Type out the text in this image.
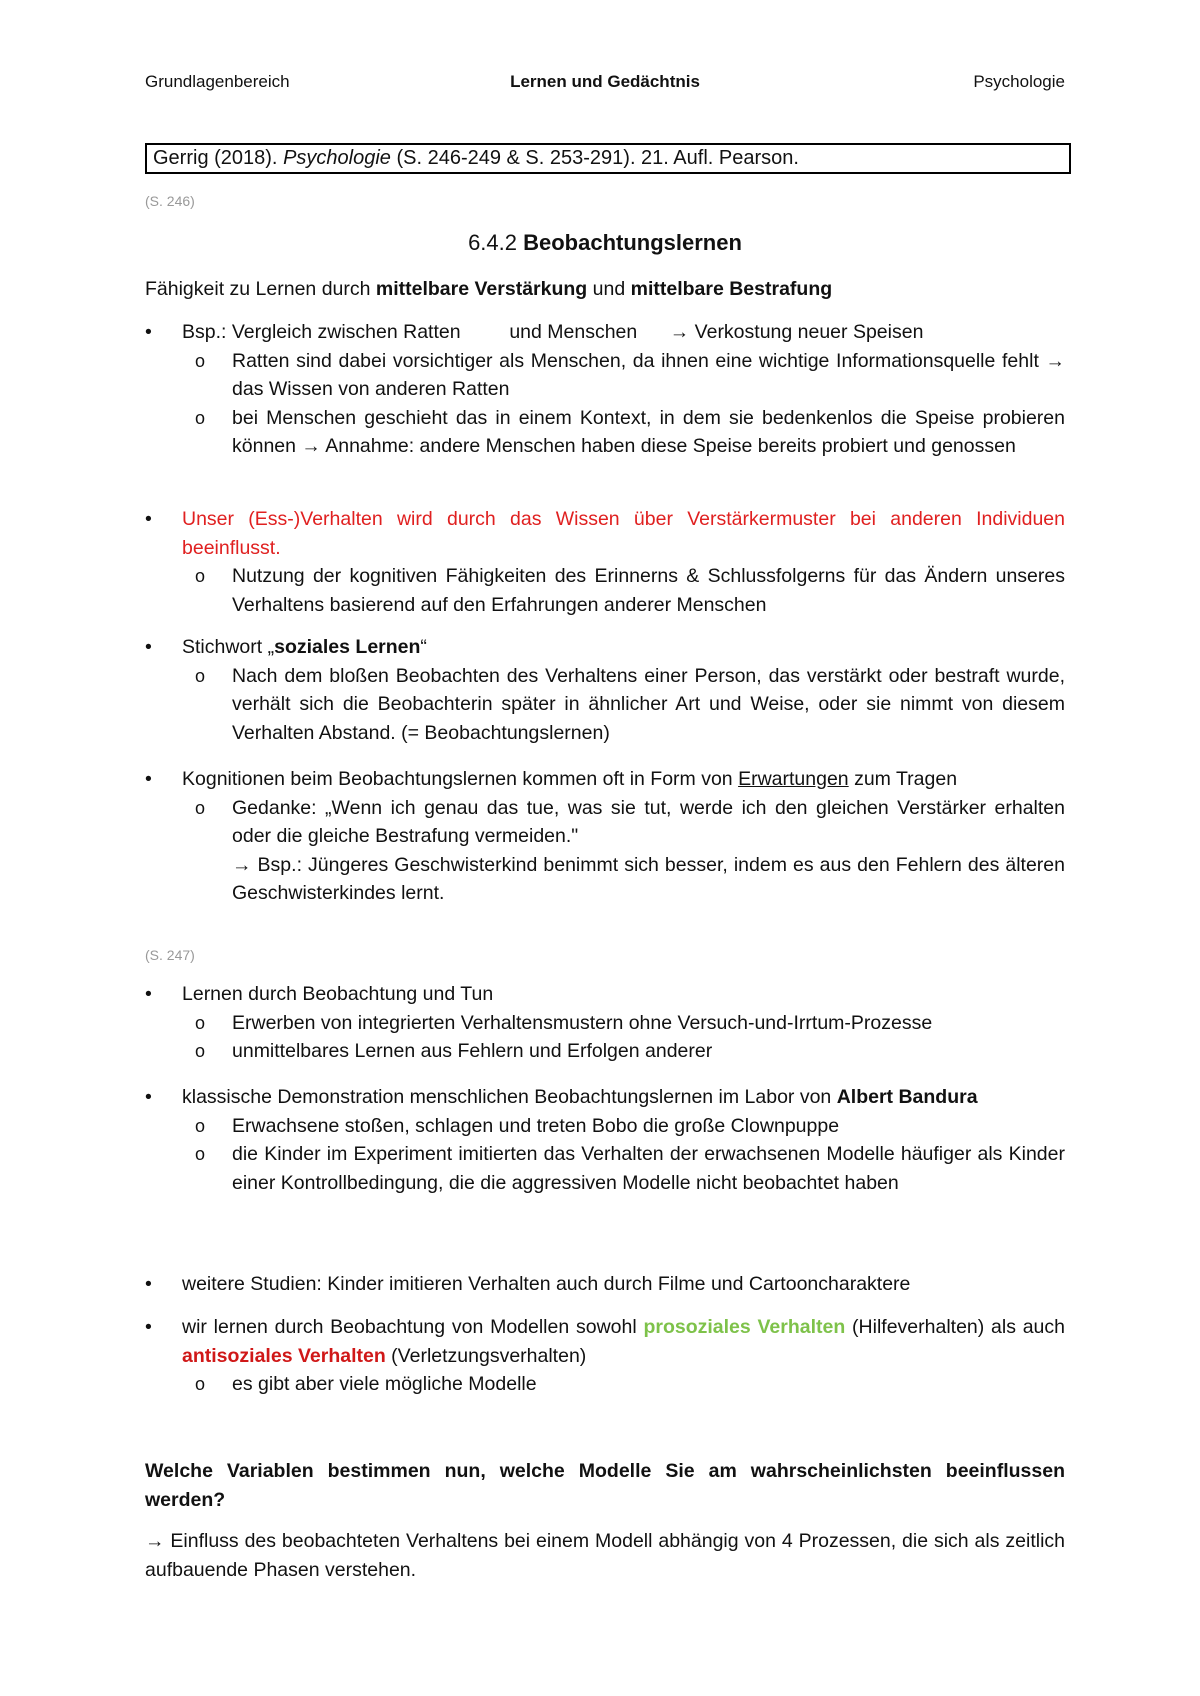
Grundlagenbereich	Lernen und Gedächtnis	Psychologie
Gerrig (2018). Psychologie (S. 246-249 & S. 253-291). 21. Aufl. Pearson.
(S. 246)
6.4.2 Beobachtungslernen
Fähigkeit zu Lernen durch mittelbare Verstärkung und mittelbare Bestrafung
• Bsp.: Vergleich zwischen Ratten         und Menschen      → Verkostung neuer Speisen
o Ratten sind dabei vorsichtiger als Menschen, da ihnen eine wichtige Informationsquelle fehlt → das Wissen von anderen Ratten
o bei Menschen geschieht das in einem Kontext, in dem sie bedenkenlos die Speise probieren können → Annahme: andere Menschen haben diese Speise bereits probiert und genossen
• Unser (Ess-)Verhalten wird durch das Wissen über Verstärkermuster bei anderen Individuen beeinflusst.
o Nutzung der kognitiven Fähigkeiten des Erinnerns & Schlussfolgerns für das Ändern unseres Verhaltens basierend auf den Erfahrungen anderer Menschen
• Stichwort „soziales Lernen“
o Nach dem bloßen Beobachten des Verhaltens einer Person, das verstärkt oder bestraft wurde, verhält sich die Beobachterin später in ähnlicher Art und Weise, oder sie nimmt von diesem Verhalten Abstand. (= Beobachtungslernen)
• Kognitionen beim Beobachtungslernen kommen oft in Form von Erwartungen zum Tragen
o Gedanke: „Wenn ich genau das tue, was sie tut, werde ich den gleichen Verstärker erhalten oder die gleiche Bestrafung vermeiden."
→ Bsp.: Jüngeres Geschwisterkind benimmt sich besser, indem es aus den Fehlern des älteren Geschwisterkindes lernt.
(S. 247)
• Lernen durch Beobachtung und Tun
o Erwerben von integrierten Verhaltensmustern ohne Versuch-und-Irrtum-Prozesse
o unmittelbares Lernen aus Fehlern und Erfolgen anderer
• klassische Demonstration menschlichen Beobachtungslernen im Labor von Albert Bandura
o Erwachsene stoßen, schlagen und treten Bobo die große Clownpuppe
o die Kinder im Experiment imitierten das Verhalten der erwachsenen Modelle häufiger als Kinder einer Kontrollbedingung, die die aggressiven Modelle nicht beobachtet haben
• weitere Studien: Kinder imitieren Verhalten auch durch Filme und Cartooncharaktere
• wir lernen durch Beobachtung von Modellen sowohl prosoziales Verhalten (Hilfeverhalten) als auch antisoziales Verhalten (Verletzungsverhalten)
o es gibt aber viele mögliche Modelle
Welche Variablen bestimmen nun, welche Modelle Sie am wahrscheinlichsten beeinflussen werden?
→ Einfluss des beobachteten Verhaltens bei einem Modell abhängig von 4 Prozessen, die sich als zeitlich aufbauende Phasen verstehen.
